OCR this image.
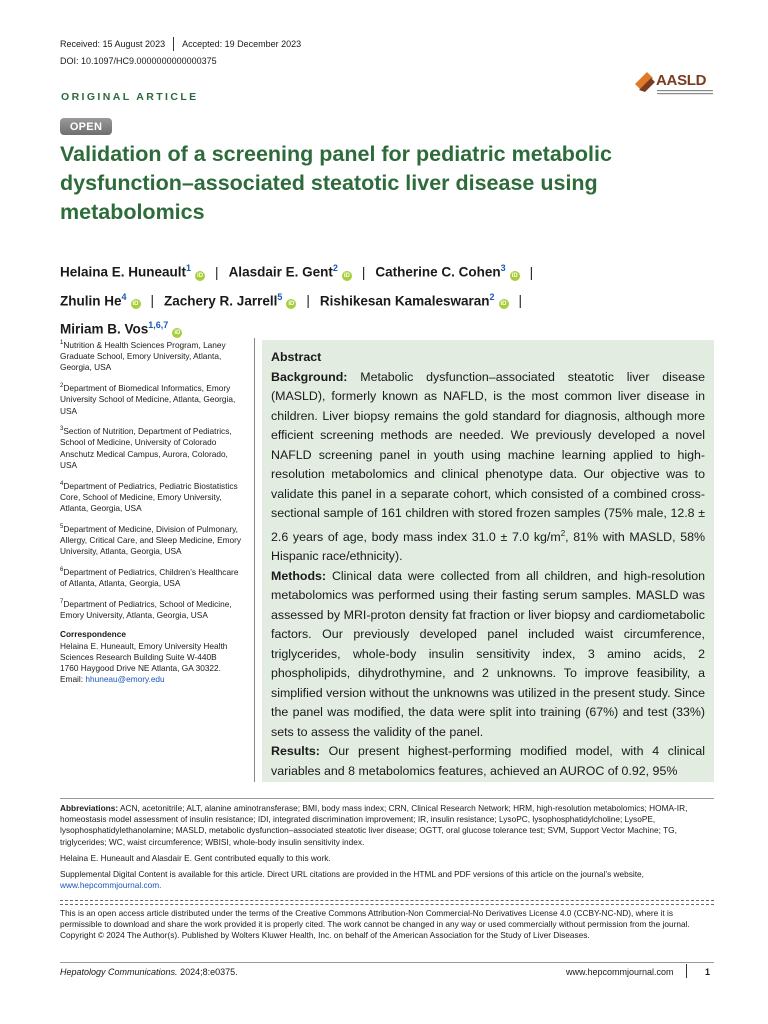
Received: 15 August 2023 Accepted: 19 December 2023
DOI: 10.1097/HC9.0000000000000375
AASLD
ORIGINAL ARTICLE
OPEN
Validation of a screening panel for pediatric metabolic dysfunction–associated steatotic liver disease using metabolomics
Helaina E. Huneault$^1$iD | Alasdair E. Gent$^2$iD | Catherine C. Cohen$^3$iD |
Zhulin He$^4$iD | Zachery R. Jarrell$^5$iD | Rishikesan Kamaleswaran$^2$iD |
Miriam B. Vos$^{1,6,7}$iD

$^1$Nutrition & Health Sciences Program, Laney Graduate School, Emory University, Atlanta, Georgia, USA

$^2$Department of Biomedical Informatics, Emory University School of Medicine, Atlanta, Georgia, USA

$^3$Section of Nutrition, Department of Pediatrics, School of Medicine, University of Colorado Anschutz Medical Campus, Aurora, Colorado, USA

$^4$Department of Pediatrics, Pediatric Biostatistics Core, School of Medicine, Emory University, Atlanta, Georgia, USA

$^5$Department of Medicine, Division of Pulmonary, Allergy, Critical Care, and Sleep Medicine, Emory University, Atlanta, Georgia, USA

$^6$Department of Pediatrics, Children’s Healthcare of Atlanta, Atlanta, Georgia, USA

$^7$Department of Pediatrics, School of Medicine, Emory University, Atlanta, Georgia, USA

Correspondence
Helaina E. Huneault, Emory University Health Sciences Research Building Suite W-440B
1760 Haygood Drive NE Atlanta, GA 30322.
Email: hhuneau@emory.edu
Abstract
Background: Metabolic dysfunction–associated steatotic liver disease (MASLD), formerly known as NAFLD, is the most common liver disease in children. Liver biopsy remains the gold standard for diagnosis, although more efficient screening methods are needed. We previously developed a novel NAFLD screening panel in youth using machine learning applied to high-resolution metabolomics and clinical phenotype data. Our objective was to validate this panel in a separate cohort, which consisted of a combined cross-sectional sample of 161 children with stored frozen samples (75% male, 12.8 ± 2.6 years of age, body mass index 31.0 ± 7.0 $kg/m^2$, 81% with MASLD, 58% Hispanic race/ethnicity).
Methods: Clinical data were collected from all children, and high-resolution metabolomics was performed using their fasting serum samples. MASLD was assessed by MRI-proton density fat fraction or liver biopsy and cardiometabolic factors. Our previously developed panel included waist circumference, triglycerides, whole-body insulin sensitivity index, 3 amino acids, 2 phospholipids, dihydrothymine, and 2 unknowns. To improve feasibility, a simplified version without the unknowns was utilized in the present study. Since the panel was modified, the data were split into training (67%) and test (33%) sets to assess the validity of the panel.
Results: Our present highest-performing modified model, with 4 clinical variables and 8 metabolomics features, achieved an AUROC of 0.92, 95%

Abbreviations: ACN, acetonitrile; ALT, alanine aminotransferase; BMI, body mass index; CRN, Clinical Research Network; HRM, high-resolution metabolomics; HOMA-IR, homeostasis model assessment of insulin resistance; IDI, integrated discrimination improvement; IR, insulin resistance; LysoPC, lysophosphatidylcholine; LysoPE, lysophosphatidylethanolamine; MASLD, metabolic dysfunction–associated steatotic liver disease; OGTT, oral glucose tolerance test; SVM, Support Vector Machine; TG, triglycerides; WC, waist circumference; WBISI, whole-body insulin sensitivity index.

Helaina E. Huneault and Alasdair E. Gent contributed equally to this work.

Supplemental Digital Content is available for this article. Direct URL citations are provided in the HTML and PDF versions of this article on the journal’s website, www.hepcommjournal.com.

This is an open access article distributed under the terms of the Creative Commons Attribution-Non Commercial-No Derivatives License 4.0 (CCBY-NC-ND), where it is permissible to download and share the work provided it is properly cited. The work cannot be changed in any way or used commercially without permission from the journal.
Copyright © 2024 The Author(s). Published by Wolters Kluwer Health, Inc. on behalf of the American Association for the Study of Liver Diseases.
Hepatology Communications. 2024;8:e0375.	www.hepcommjournal.com	1
